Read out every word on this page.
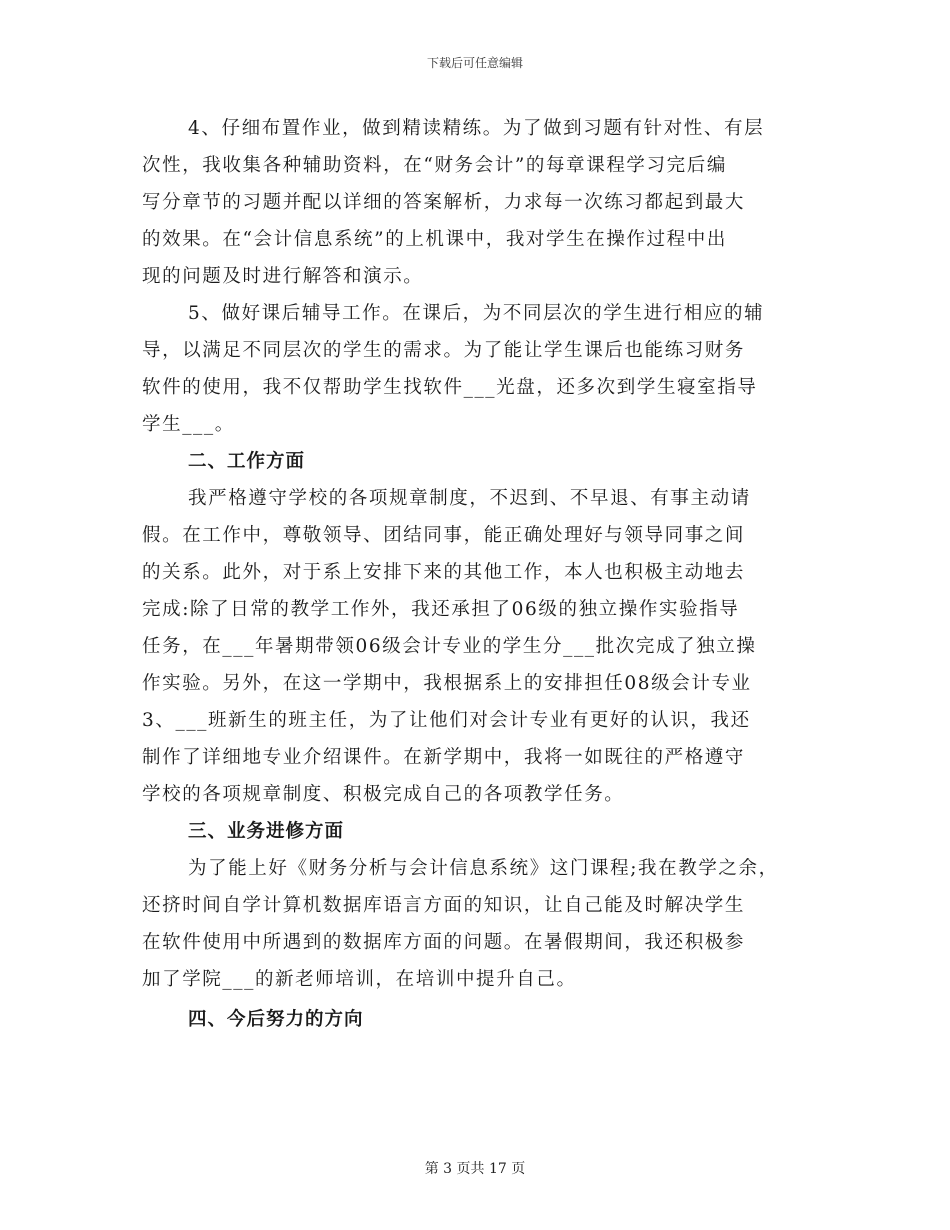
下载后可任意编辑
4、仔细布置作业，做到精读精练。为了做到习题有针对性、有层
次性，我收集各种辅助资料，在“财务会计”的每章课程学习完后编
写分章节的习题并配以详细的答案解析，力求每一次练习都起到最大
的效果。在“会计信息系统”的上机课中，我对学生在操作过程中出
现的问题及时进行解答和演示。
5、做好课后辅导工作。在课后，为不同层次的学生进行相应的辅
导，以满足不同层次的学生的需求。为了能让学生课后也能练习财务
软件的使用，我不仅帮助学生找软件___光盘，还多次到学生寝室指导
学生___。
二、工作方面
我严格遵守学校的各项规章制度，不迟到、不早退、有事主动请
假。在工作中，尊敬领导、团结同事，能正确处理好与领导同事之间
的关系。此外，对于系上安排下来的其他工作，本人也积极主动地去
完成:除了日常的教学工作外，我还承担了06级的独立操作实验指导
任务，在___年暑期带领06级会计专业的学生分___批次完成了独立操
作实验。另外，在这一学期中，我根据系上的安排担任08级会计专业
3、___班新生的班主任，为了让他们对会计专业有更好的认识，我还
制作了详细地专业介绍课件。在新学期中，我将一如既往的严格遵守
学校的各项规章制度、积极完成自己的各项教学任务。
三、业务进修方面
为了能上好《财务分析与会计信息系统》这门课程;我在教学之余，
还挤时间自学计算机数据库语言方面的知识，让自己能及时解决学生
在软件使用中所遇到的数据库方面的问题。在暑假期间，我还积极参
加了学院___的新老师培训，在培训中提升自己。
四、今后努力的方向
第 3 页共 17 页
